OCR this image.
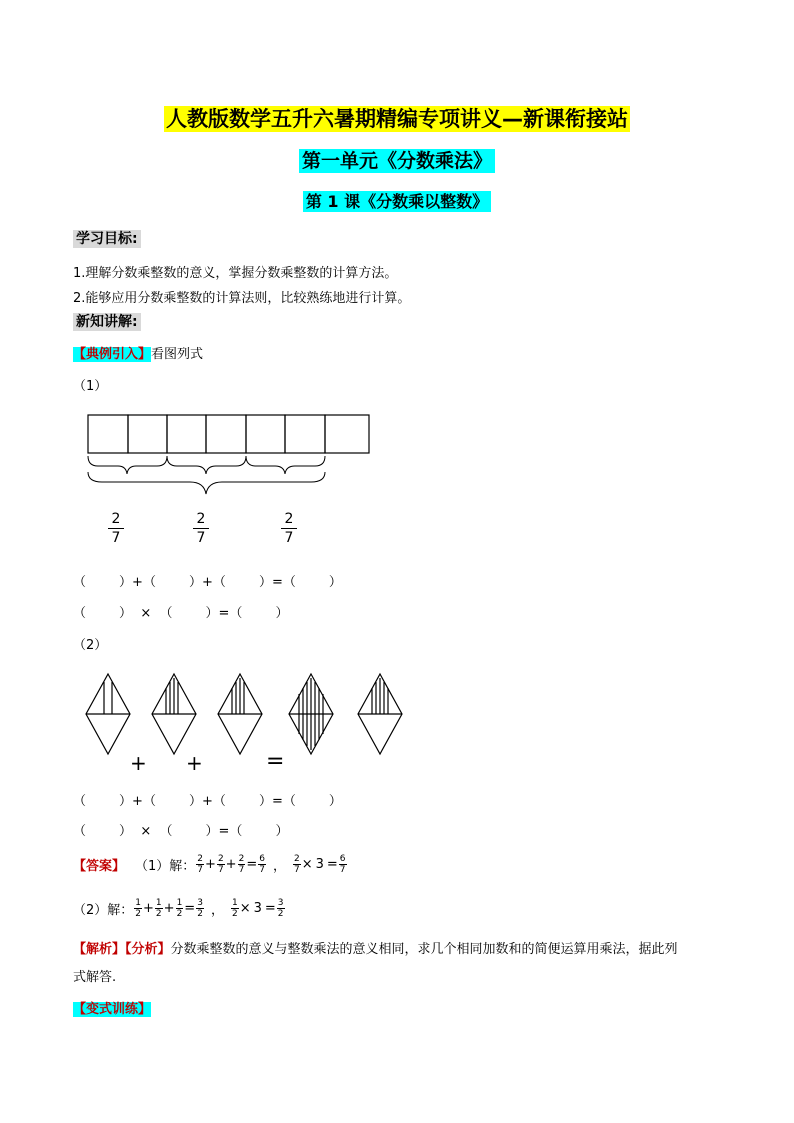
人教版数学五升六暑期精编专项讲义—新课衔接站
第一单元《分数乘法》
第 1 课《分数乘以整数》
学习目标:
1.理解分数乘整数的意义，掌握分数乘整数的计算方法。
2.能够应用分数乘整数的计算法则，比较熟练地进行计算。
新知讲解:
【典例引入】看图列式
（1）
$\frac{2}{7}$	$\frac{2}{7}$	$\frac{2}{7}$
（        ）+（        ）+（        ）=（        ）
（        ）  ×  （        ）=（        ）
（2）
+ +	=
（        ）+（        ）+（        ）=（        ）
（        ）  ×  （        ）=（        ）
【答案】 （1）解： $\frac{2}{7} + \frac{2}{7} + \frac{2}{7} = \frac{6}{7}$ ， $\frac{2}{7} \times 3 = \frac{6}{7}$
（2）解： $\frac{1}{2} + \frac{1}{2} + \frac{1}{2} = \frac{3}{2}$ ， $\frac{1}{2} \times 3 = \frac{3}{2}$
【解析】【分析】分数乘整数的意义与整数乘法的意义相同，求几个相同加数和的简便运算用乘法，据此列
式解答.
【变式训练】
